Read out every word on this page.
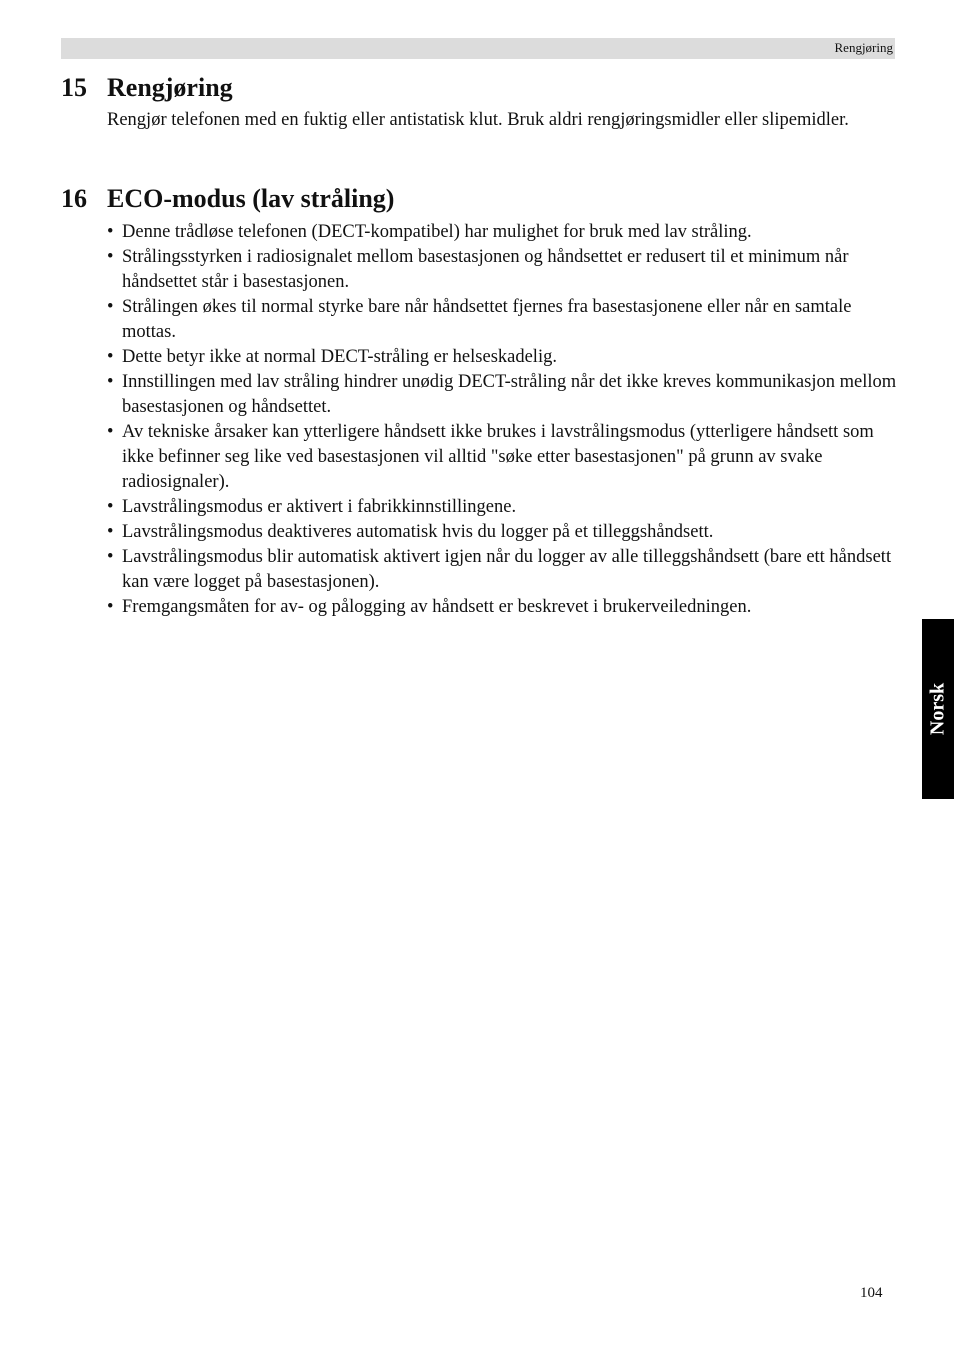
Rengjøring
15 Rengjøring
Rengjør telefonen med en fuktig eller antistatisk klut. Bruk aldri rengjøringsmidler eller slipemidler.
16 ECO-modus (lav stråling)
• Denne trådløse telefonen (DECT-kompatibel) har mulighet for bruk med lav stråling.
• Strålingsstyrken i radiosignalet mellom basestasjonen og håndsettet er redusert til et minimum når håndsettet står i basestasjonen.
• Strålingen økes til normal styrke bare når håndsettet fjernes fra basestasjonene eller når en samtale mottas.
• Dette betyr ikke at normal DECT-stråling er helseskadelig.
• Innstillingen med lav stråling hindrer unødig DECT-stråling når det ikke kreves kommunikasjon mellom basestasjonen og håndsettet.
• Av tekniske årsaker kan ytterligere håndsett ikke brukes i lavstrålingsmodus (ytterligere håndsett som ikke befinner seg like ved basestasjonen vil alltid "søke etter basestasjonen" på grunn av svake radiosignaler).
• Lavstrålingsmodus er aktivert i fabrikkinnstillingene.
• Lavstrålingsmodus deaktiveres automatisk hvis du logger på et tilleggshåndsett.
• Lavstrålingsmodus blir automatisk aktivert igjen når du logger av alle tilleggshåndsett (bare ett håndsett kan være logget på basestasjonen).
• Fremgangsmåten for av- og pålogging av håndsett er beskrevet i brukerveiledningen.
Norsk
104
